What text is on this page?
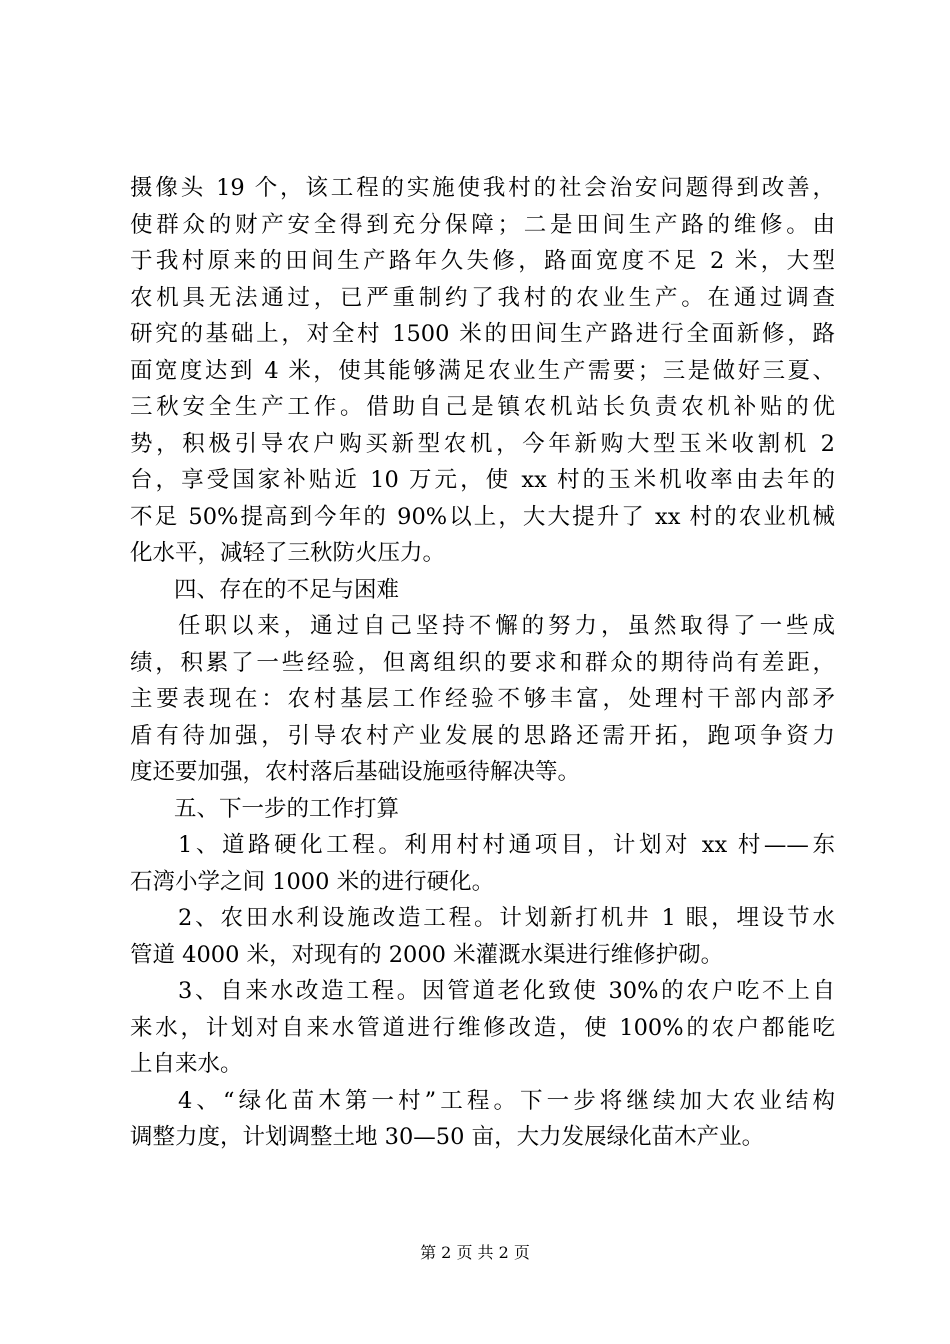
摄像头 19 个，该工程的实施使我村的社会治安问题得到改善，
使群众的财产安全得到充分保障；二是田间生产路的维修。由
于我村原来的田间生产路年久失修，路面宽度不足 2 米，大型
农机具无法通过，已严重制约了我村的农业生产。在通过调查
研究的基础上，对全村 1500 米的田间生产路进行全面新修，路
面宽度达到 4 米，使其能够满足农业生产需要；三是做好三夏、
三秋安全生产工作。借助自己是镇农机站长负责农机补贴的优
势，积极引导农户购买新型农机，今年新购大型玉米收割机 2
台，享受国家补贴近 10 万元，使 xx 村的玉米机收率由去年的
不足 50%提高到今年的 90%以上，大大提升了 xx 村的农业机械
化水平，减轻了三秋防火压力。
四、存在的不足与困难
任职以来，通过自己坚持不懈的努力，虽然取得了一些成
绩，积累了一些经验，但离组织的要求和群众的期待尚有差距，
主要表现在：农村基层工作经验不够丰富，处理村干部内部矛
盾有待加强，引导农村产业发展的思路还需开拓，跑项争资力
度还要加强，农村落后基础设施亟待解决等。
五、下一步的工作打算
1、道路硬化工程。利用村村通项目，计划对 xx 村——东
石湾小学之间 1000 米的进行硬化。
2、农田水利设施改造工程。计划新打机井 1 眼，埋设节水
管道 4000 米，对现有的 2000 米灌溉水渠进行维修护砌。
3、自来水改造工程。因管道老化致使 30%的农户吃不上自
来水，计划对自来水管道进行维修改造，使 100%的农户都能吃
上自来水。
4、“绿化苗木第一村”工程。下一步将继续加大农业结构
调整力度，计划调整土地 30—50 亩，大力发展绿化苗木产业。
第 2 页 共 2 页
